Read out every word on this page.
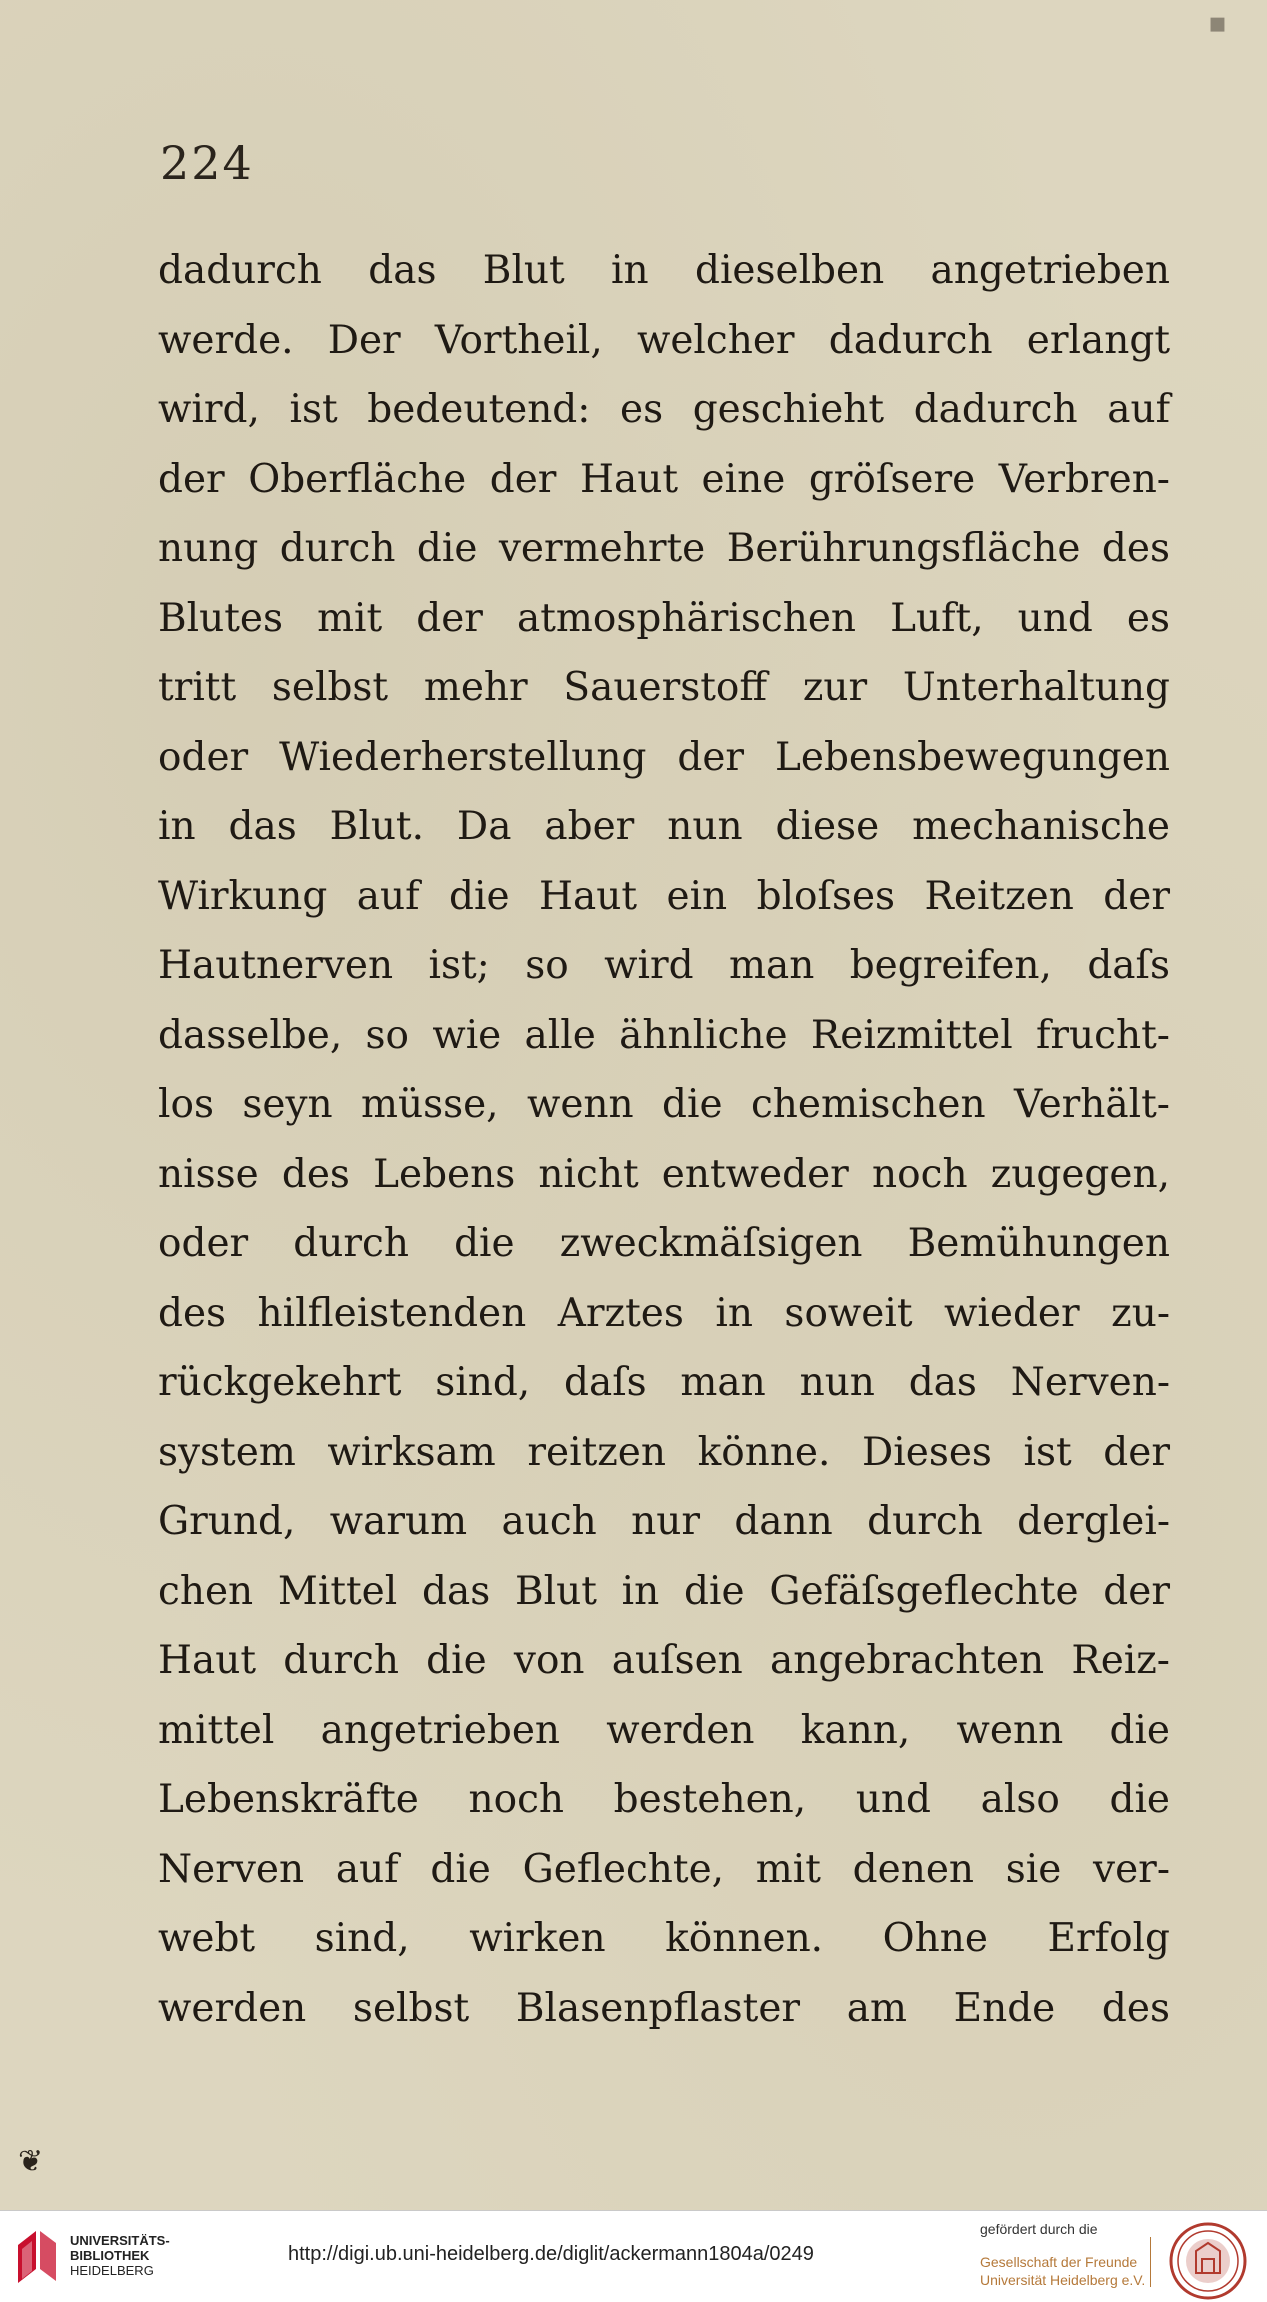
▪
224
dadurch das Blut in dieselben angetrieben
werde. Der Vortheil, welcher dadurch erlangt
wird, ist bedeutend: es geschieht dadurch auf
der Oberfläche der Haut eine gröſsere Verbren-
nung durch die vermehrte Berührungsfläche des
Blutes mit der atmosphärischen Luft, und es
tritt selbst mehr Sauerstoff zur Unterhaltung
oder Wiederherstellung der Lebensbewegungen
in das Blut. Da aber nun diese mechanische
Wirkung auf die Haut ein bloſses Reitzen der
Hautnerven ist; so wird man begreifen, daſs
dasselbe, so wie alle ähnliche Reizmittel frucht-
los seyn müsse, wenn die chemischen Verhält-
nisse des Lebens nicht entweder noch zugegen,
oder durch die zweckmäſsigen Bemühungen
des hilfleistenden Arztes in soweit wieder zu-
rückgekehrt sind, daſs man nun das Nerven-
system wirksam reitzen könne. Dieses ist der
Grund, warum auch nur dann durch derglei-
chen Mittel das Blut in die Gefäſsgeflechte der
Haut durch die von auſsen angebrachten Reiz-
mittel angetrieben werden kann, wenn die
Lebenskräfte noch bestehen, und also die
Nerven auf die Geflechte, mit denen sie ver-
webt sind, wirken können. Ohne Erfolg
werden selbst Blasenpflaster am Ende des
❦
UNIVERSITÄTS-
BIBLIOTHEK
HEIDELBERG
http://digi.ub.uni-heidelberg.de/diglit/ackermann1804a/0249
gefördert durch die
Gesellschaft der Freunde
Universität Heidelberg e.V.
